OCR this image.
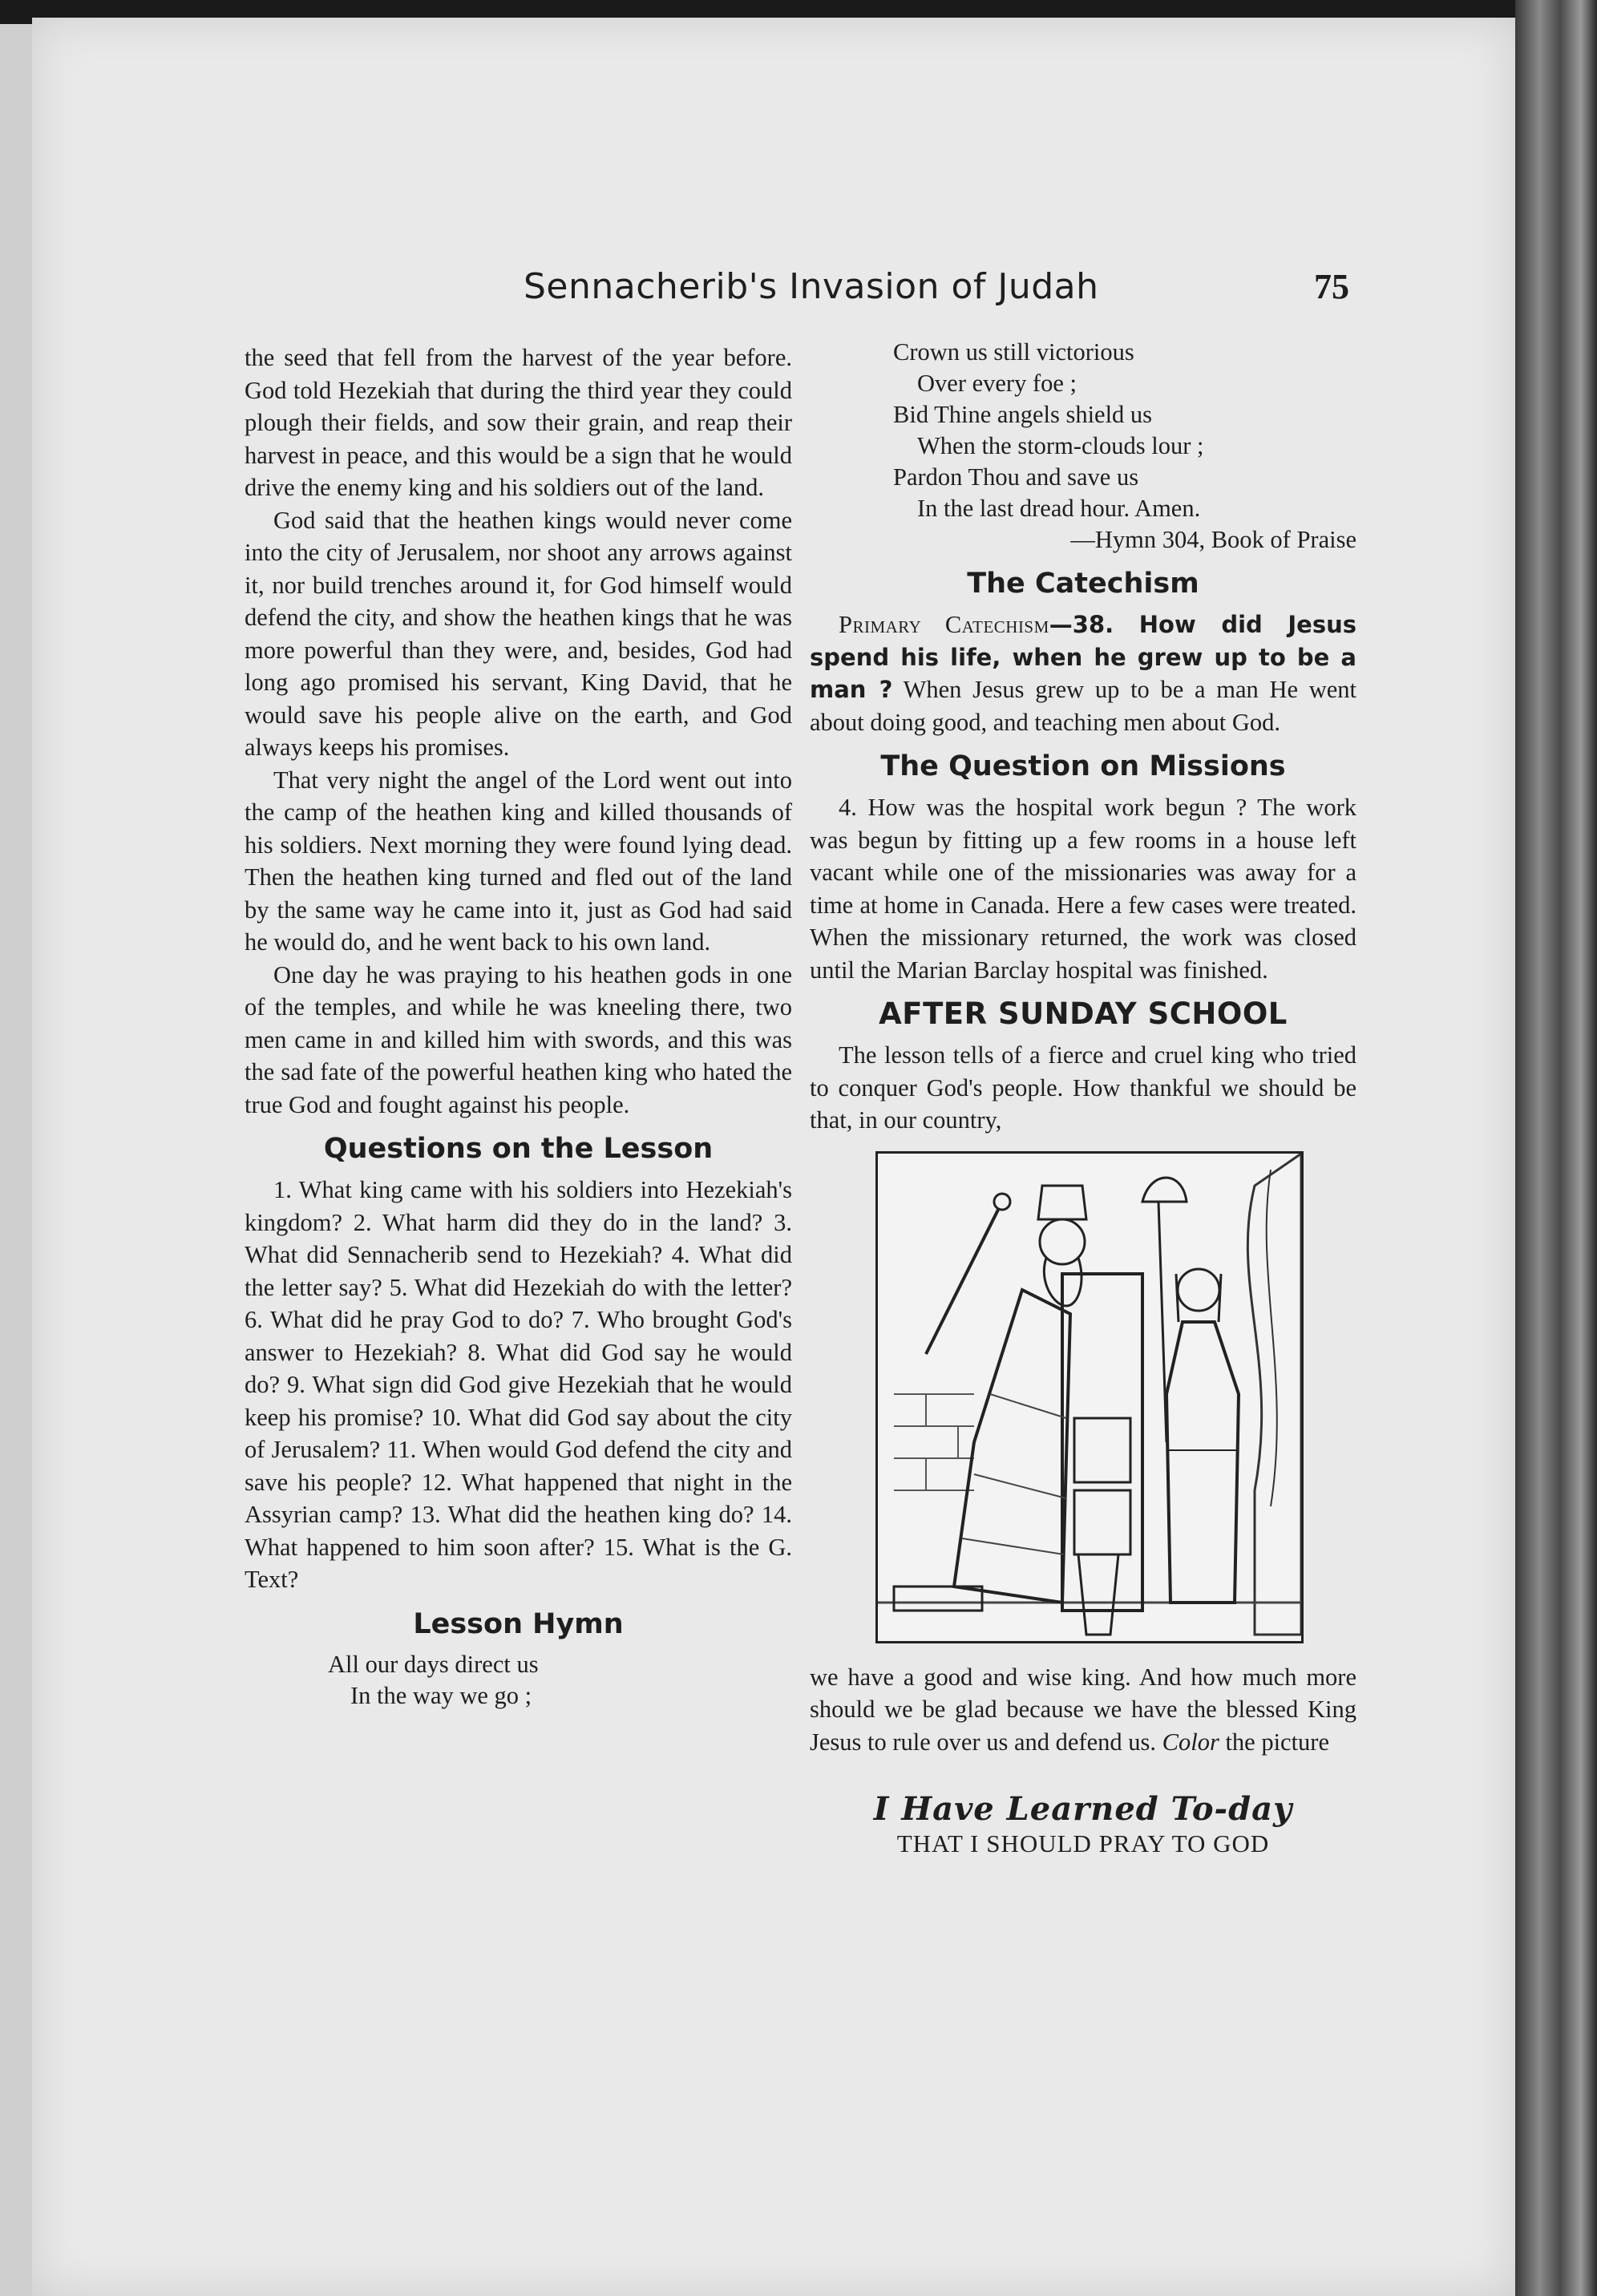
Sennacherib's Invasion of Judah	75

the seed that fell from the harvest of the year before. God told Hezekiah that during the third year they could plough their fields, and sow their grain, and reap their harvest in peace, and this would be a sign that he would drive the enemy king and his soldiers out of the land.

God said that the heathen kings would never come into the city of Jerusalem, nor shoot any arrows against it, nor build trenches around it, for God himself would defend the city, and show the heathen kings that he was more powerful than they were, and, besides, God had long ago promised his servant, King David, that he would save his people alive on the earth, and God always keeps his promises.

That very night the angel of the Lord went out into the camp of the heathen king and killed thousands of his soldiers. Next morning they were found lying dead. Then the heathen king turned and fled out of the land by the same way he came into it, just as God had said he would do, and he went back to his own land.

One day he was praying to his heathen gods in one of the temples, and while he was kneeling there, two men came in and killed him with swords, and this was the sad fate of the powerful heathen king who hated the true God and fought against his people.

Questions on the Lesson

1. What king came with his soldiers into Hezekiah's kingdom? 2. What harm did they do in the land? 3. What did Sennacherib send to Hezekiah? 4. What did the letter say? 5. What did Hezekiah do with the letter? 6. What did he pray God to do? 7. Who brought God's answer to Hezekiah? 8. What did God say he would do? 9. What sign did God give Hezekiah that he would keep his promise? 10. What did God say about the city of Jerusalem? 11. When would God defend the city and save his people? 12. What happened that night in the Assyrian camp? 13. What did the heathen king do? 14. What happened to him soon after? 15. What is the G. Text?

Lesson Hymn
All our days direct us
In the way we go ;
Crown us still victorious
Over every foe ;
Bid Thine angels shield us
When the storm-clouds lour ;
Pardon Thou and save us
In the last dread hour. Amen.
—Hymn 304, Book of Praise
The Catechism

Primary Catechism—38. How did Jesus spend his life, when he grew up to be a man ? When Jesus grew up to be a man He went about doing good, and teaching men about God.

The Question on Missions

4. How was the hospital work begun ? The work was begun by fitting up a few rooms in a house left vacant while one of the missionaries was away for a time at home in Canada. Here a few cases were treated. When the missionary returned, the work was closed until the Marian Barclay hospital was finished.

AFTER SUNDAY SCHOOL

The lesson tells of a fierce and cruel king who tried to conquer God's people. How thankful we should be that, in our country,

we have a good and wise king. And how much more should we be glad because we have the blessed King Jesus to rule over us and defend us. Color the picture

I Have Learned To-day
THAT I SHOULD PRAY TO GOD
